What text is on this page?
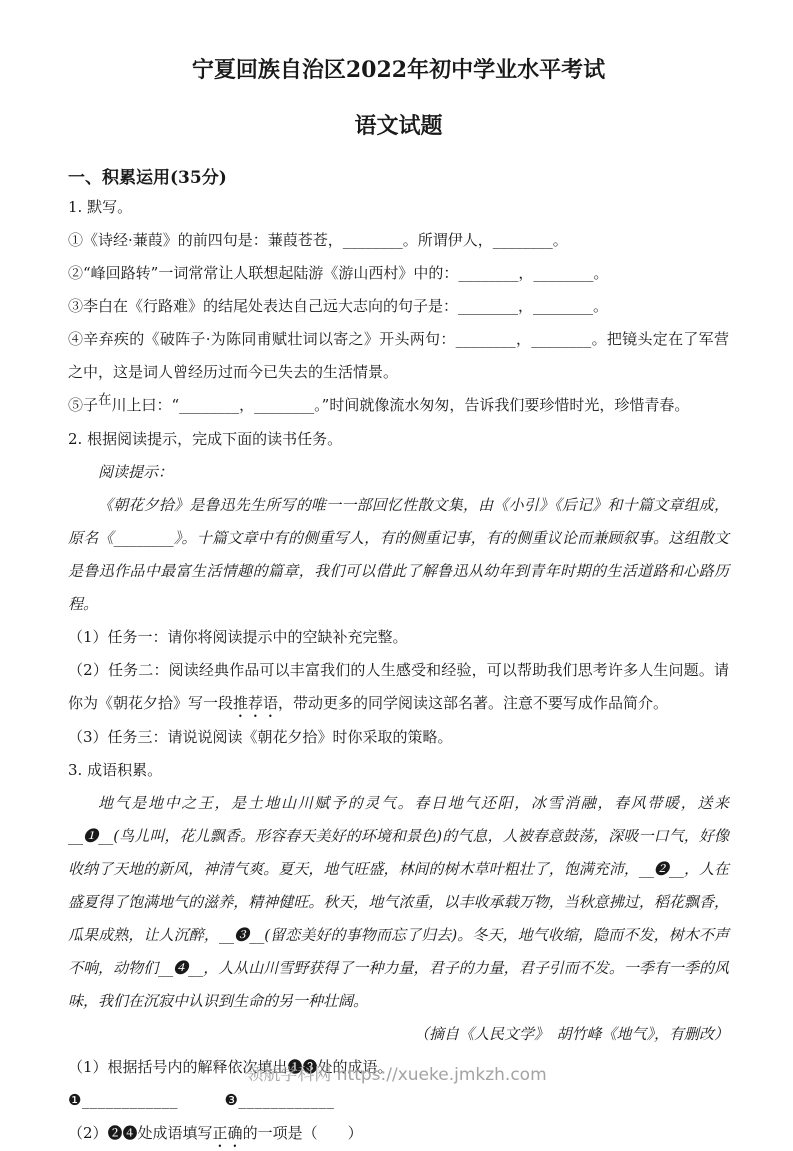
宁夏回族自治区2022年初中学业水平考试
语文试题
一、积累运用(35分)

1. 默写。

①《诗经·蒹葭》的前四句是：蒹葭苍苍，________。所谓伊人，________。

②“峰回路转”一词常常让人联想起陆游《游山西村》中的：________，________。

③李白在《行路难》的结尾处表达自己远大志向的句子是：________，________。

④辛弃疾的《破阵子·为陈同甫赋壮词以寄之》开头两句：________，________。把镜头定在了军营之中，这是词人曾经历过而今已失去的生活情景。

⑤子在川上曰：“________，________。”时间就像流水匆匆，告诉我们要珍惜时光，珍惜青春。

2. 根据阅读提示，完成下面的读书任务。

阅读提示：

《朝花夕拾》是鲁迅先生所写的唯一一部回忆性散文集，由《小引》《后记》和十篇文章组成，原名《________》。十篇文章中有的侧重写人，有的侧重记事，有的侧重议论而兼顾叙事。这组散文是鲁迅作品中最富生活情趣的篇章，我们可以借此了解鲁迅从幼年到青年时期的生活道路和心路历程。

（1）任务一：请你将阅读提示中的空缺补充完整。

（2）任务二：阅读经典作品可以丰富我们的人生感受和经验，可以帮助我们思考许多人生问题。请你为《朝花夕拾》写一段推荐语，带动更多的同学阅读这部名著。注意不要写成作品简介。

（3）任务三：请说说阅读《朝花夕拾》时你采取的策略。

3. 成语积累。

地气是地中之王，是土地山川赋予的灵气。春日地气还阳，冰雪消融，春风带暖，送来__❶__(鸟儿叫，花儿飘香。形容春天美好的环境和景色)的气息，人被春意鼓荡，深吸一口气，好像收纳了天地的新风，神清气爽。夏天，地气旺盛，林间的树木草叶粗壮了，饱满充沛，__❷__，人在盛夏得了饱满地气的滋养，精神健旺。秋天，地气浓重，以丰收承载万物，当秋意拂过，稻花飘香，瓜果成熟，让人沉醉，__❸__(留恋美好的事物而忘了归去)。冬天，地气收缩，隐而不发，树木不声不响，动物们__❹__，人从山川雪野获得了一种力量，君子的力量，君子引而不发。一季有一季的风味，我们在沉寂中认识到生命的另一种壮阔。

（摘自《人民文学》　胡竹峰《地气》，有删改）

（1）根据括号内的解释依次填出❶❸处的成语。

❶____________　　　❸____________

（2）❷❹处成语填写正确的一项是（　　）

领航学科网 https://xueke.jmkzh.com
